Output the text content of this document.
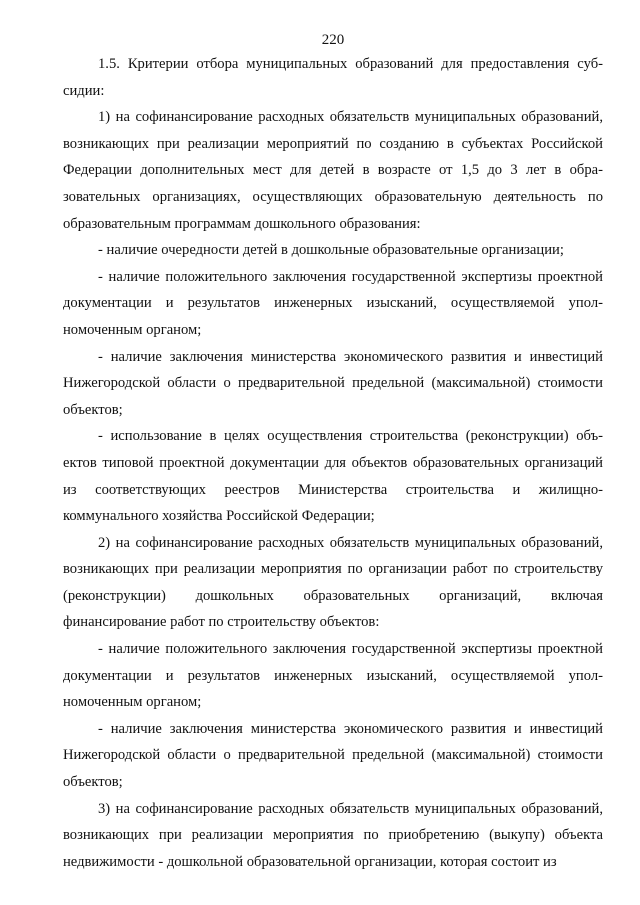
220

1.5. Критерии отбора муниципальных образований для предоставления субсидии:

1) на софинансирование расходных обязательств муниципальных образований, возникающих при реализации мероприятий по созданию в субъектах Российской Федерации дополнительных мест для детей в возрасте от 1,5 до 3 лет в образовательных организациях, осуществляющих образовательную деятельность по образовательным программам дошкольного образования:

- наличие очередности детей в дошкольные образовательные организации;

- наличие положительного заключения государственной экспертизы проектной документации и результатов инженерных изысканий, осуществляемой уполномоченным органом;

- наличие заключения министерства экономического развития и инвестиций Нижегородской области о предварительной предельной (максимальной) стоимости объектов;

- использование в целях осуществления строительства (реконструкции) объектов типовой проектной документации для объектов образовательных организаций из соответствующих реестров Министерства строительства и жилищно-коммунального хозяйства Российской Федерации;

2) на софинансирование расходных обязательств муниципальных образований, возникающих при реализации мероприятия по организации работ по строительству (реконструкции) дошкольных образовательных организаций, включая финансирование работ по строительству объектов:

- наличие положительного заключения государственной экспертизы проектной документации и результатов инженерных изысканий, осуществляемой уполномоченным органом;

- наличие заключения министерства экономического развития и инвестиций Нижегородской области о предварительной предельной (максимальной) стоимости объектов;

3) на софинансирование расходных обязательств муниципальных образований, возникающих при реализации мероприятия по приобретению (выкупу) объекта недвижимости - дошкольной образовательной организации, которая состоит из
